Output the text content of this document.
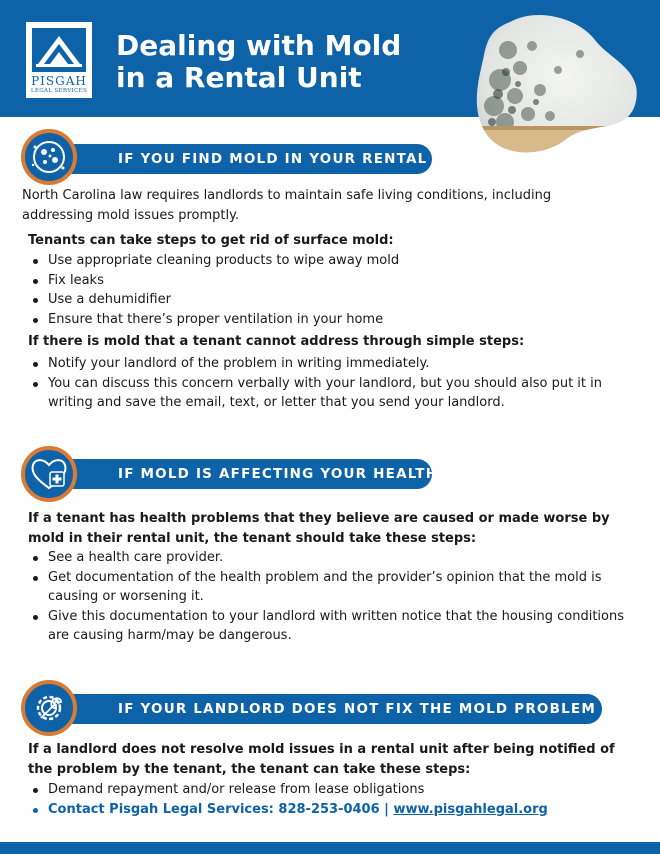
PISGAH
LEGAL SERVICES
Dealing with Mold
in a Rental Unit
IF YOU FIND MOLD IN YOUR RENTAL
North Carolina law requires landlords to maintain safe living conditions, including
addressing mold issues promptly.
Tenants can take steps to get rid of surface mold:
Use appropriate cleaning products to wipe away mold
Fix leaks
Use a dehumidifier
Ensure that there’s proper ventilation in your home
If there is mold that a tenant cannot address through simple steps:
Notify your landlord of the problem in writing immediately.
You can discuss this concern verbally with your landlord, but you should also put it in writing and save the email, text, or letter that you send your landlord.
IF MOLD IS AFFECTING YOUR HEALTH
If a tenant has health problems that they believe are caused or made worse by mold in their rental unit, the tenant should take these steps:
See a health care provider.
Get documentation of the health problem and the provider’s opinion that the mold is causing or worsening it.
Give this documentation to your landlord with written notice that the housing conditions are causing harm/may be dangerous.
IF YOUR LANDLORD DOES NOT FIX THE MOLD PROBLEM
If a landlord does not resolve mold issues in a rental unit after being notified of the problem by the tenant, the tenant can take these steps:
Demand repayment and/or release from lease obligations
Contact Pisgah Legal Services: 828-253-0406 | www.pisgahlegal.org
